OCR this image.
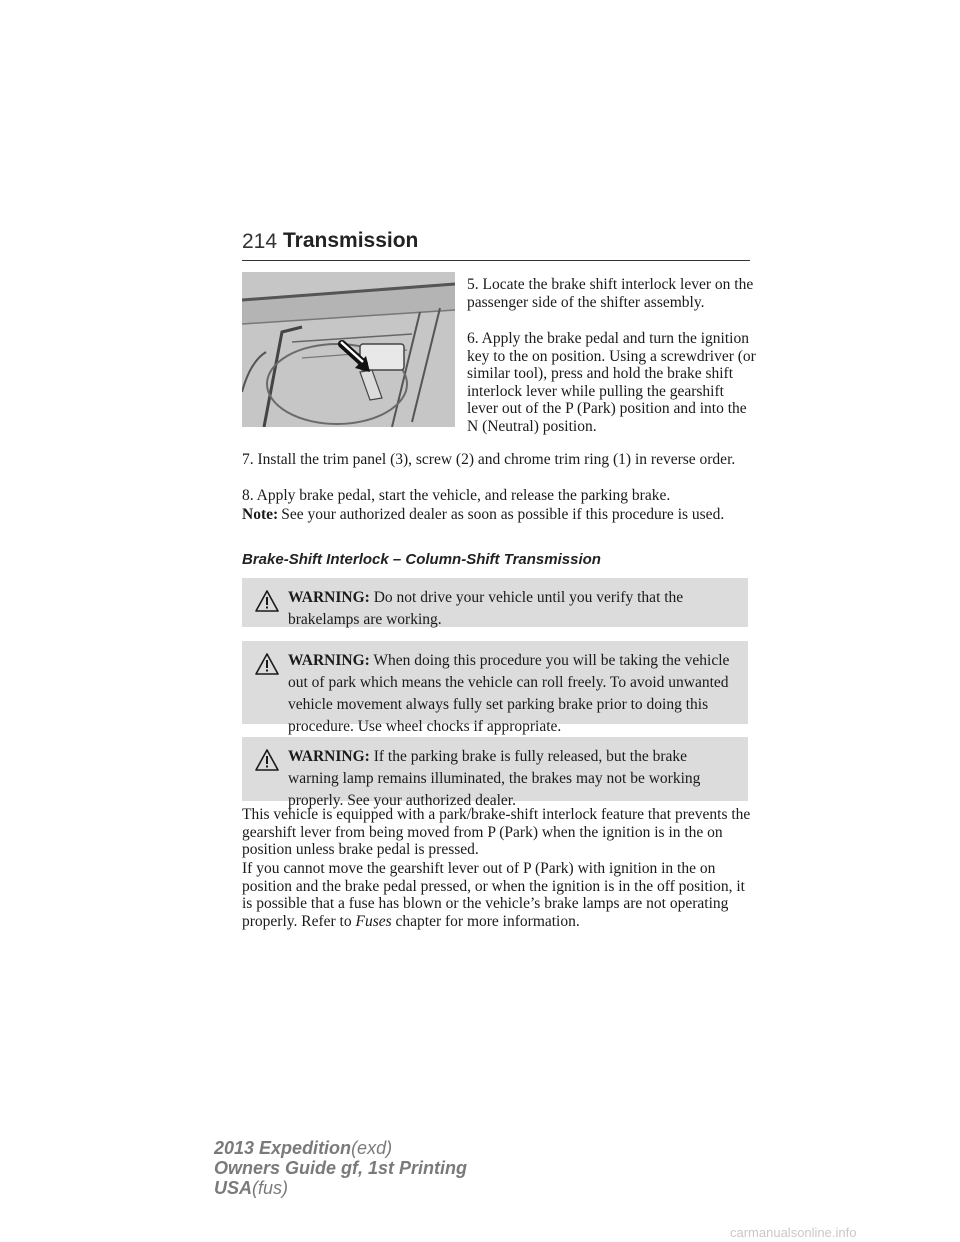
214 Transmission

5. Locate the brake shift interlock lever on the passenger side of the shifter assembly.

6. Apply the brake pedal and turn the ignition key to the on position. Using a screwdriver (or similar tool), press and hold the brake shift interlock lever while pulling the gearshift lever out of the P (Park) position and into the N (Neutral) position.

7. Install the trim panel (3), screw (2) and chrome trim ring (1) in reverse order.

8. Apply brake pedal, start the vehicle, and release the parking brake.

Note:  See your authorized dealer as soon as possible if this procedure is used.

Brake-Shift Interlock – Column-Shift Transmission

WARNING: Do not drive your vehicle until you verify that the brakelamps are working.

WARNING: When doing this procedure you will be taking the vehicle out of park which means the vehicle can roll freely. To avoid unwanted vehicle movement always fully set parking brake prior to doing this procedure. Use wheel chocks if appropriate.

WARNING: If the parking brake is fully released, but the brake warning lamp remains illuminated, the brakes may not be working properly. See your authorized dealer.

This vehicle is equipped with a park/brake-shift interlock feature that prevents the gearshift lever from being moved from P (Park) when the ignition is in the on position unless brake pedal is pressed.

If you cannot move the gearshift lever out of P (Park) with ignition in the on position and the brake pedal pressed, or when the ignition is in the off position, it is possible that a fuse has blown or the vehicle’s brake lamps are not operating properly. Refer to Fuses chapter for more information.

2013 Expedition(exd)
Owners Guide gf, 1st Printing
USA(fus)
carmanualsonline.info
